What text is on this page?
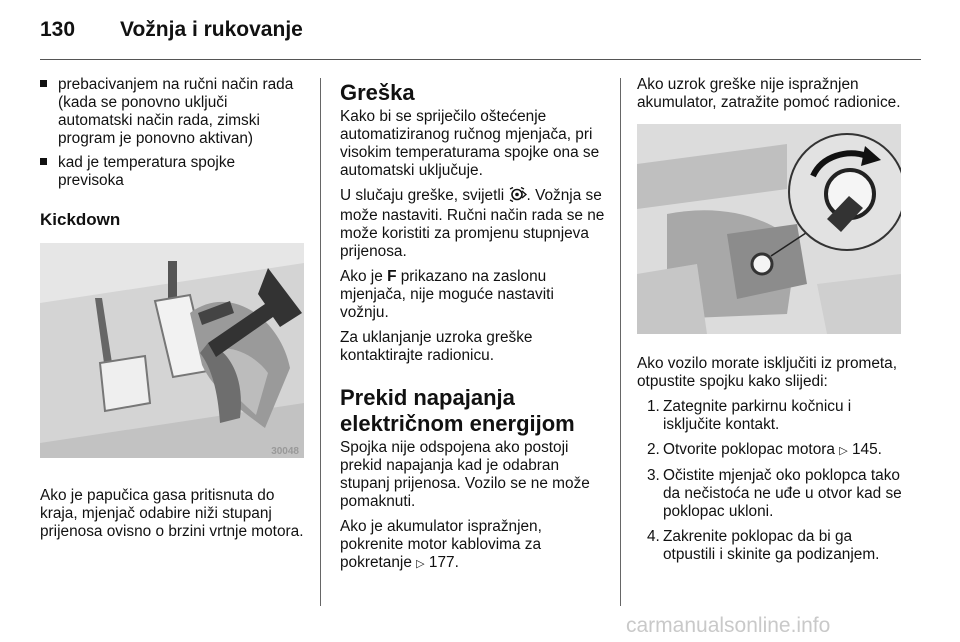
130 Vožnja i rukovanje
prebacivanjem na ručni način rada (kada se ponovno uključi automatski način rada, zimski program je ponovno aktivan)
kad je temperatura spojke previsoka
Kickdown
30048

Ako je papučica gasa pritisnuta do kraja, mjenjač odabire niži stupanj prijenosa ovisno o brzini vrtnje motora.

Greška

Kako bi se spriječilo oštećenje automatiziranog ručnog mjenjača, pri visokim temperaturama spojke ona se automatski uključuje.

U slučaju greške, svijetli . Vožnja se može nastaviti. Ručni način rada se ne može koristiti za promjenu stupnjeva prijenosa.

Ako je F prikazano na zaslonu mjenjača, nije moguće nastaviti vožnju.

Za uklanjanje uzroka greške kontaktirajte radionicu.

Prekid napajanja
električnom energijom

Spojka nije odspojena ako postoji prekid napajanja kad je odabran stupanj prijenosa. Vozilo se ne može pomaknuti.

Ako je akumulator ispražnjen, pokrenite motor kablovima za pokretanje ▷ 177.

Ako uzrok greške nije ispražnjen akumulator, zatražite pomoć radionice.

Ako vozilo morate isključiti iz prometa, otpustite spojku kako slijedi:

1. Zategnite parkirnu kočnicu i isključite kontakt.
2. Otvorite poklopac motora ▷ 145.
3. Očistite mjenjač oko poklopca tako da nečistoća ne uđe u otvor kad se poklopac ukloni.
4. Zakrenite poklopac da bi ga otpustili i skinite ga podizanjem.
carmanualsonline.info
